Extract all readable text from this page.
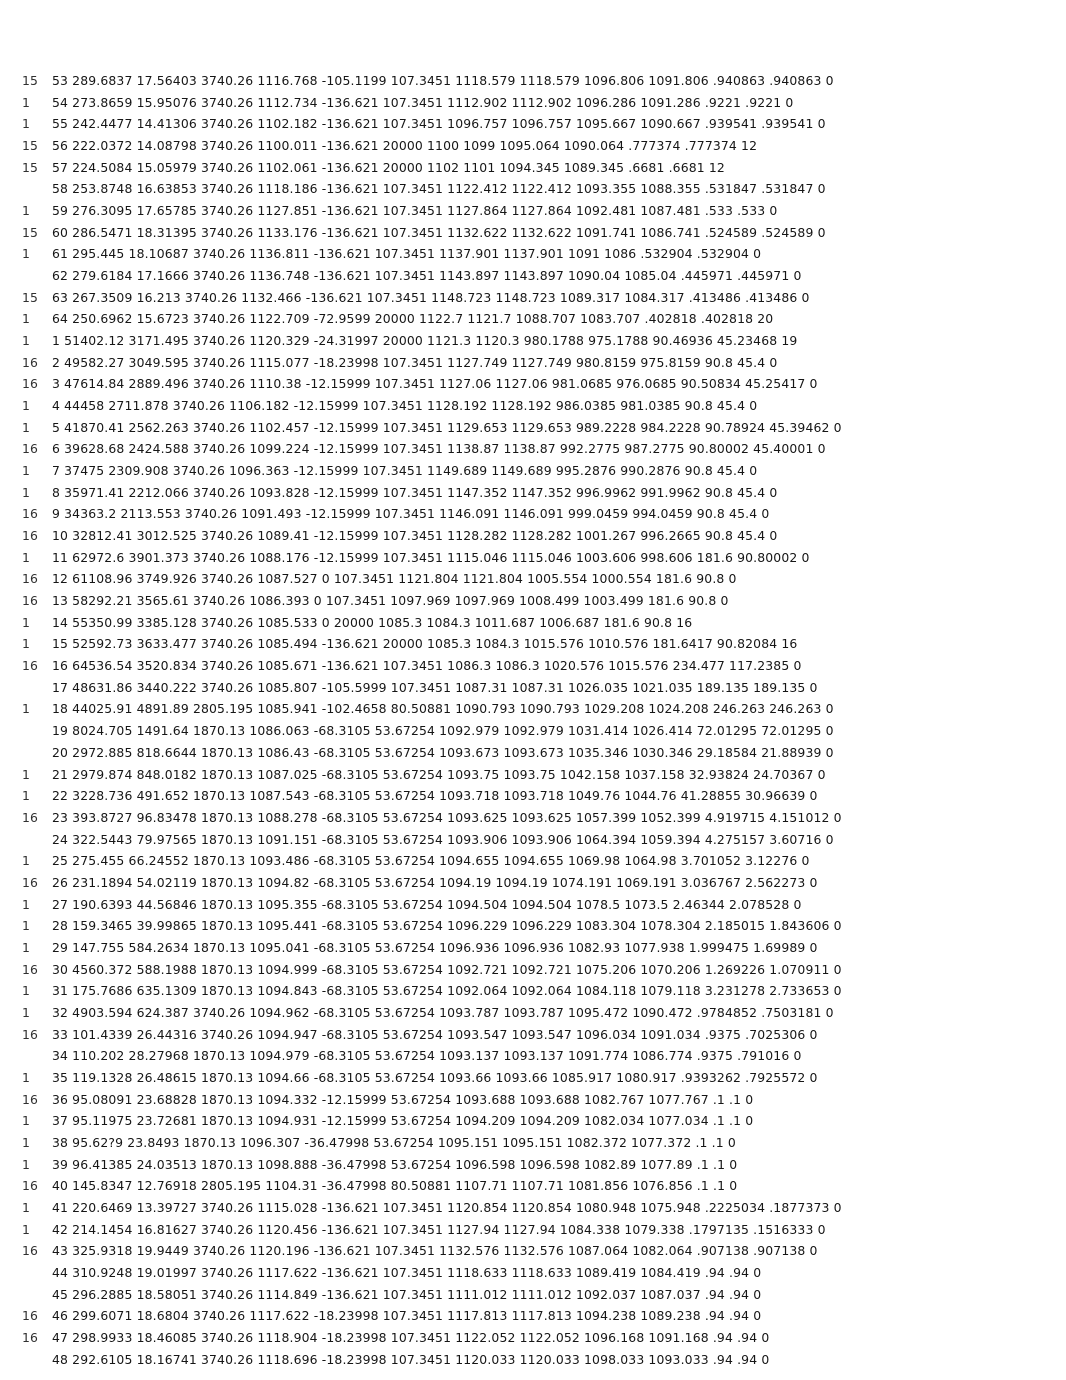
15 53 289.6837 17.56403 3740.26 1116.768 -105.1199 107.3451 1118.579 1118.579 1096.806 1091.806 .940863 .940863 0
1 54 273.8659 15.95076 3740.26 1112.734 -136.621 107.3451 1112.902 1112.902 1096.286 1091.286 .9221 .9221 0
1 55 242.4477 14.41306 3740.26 1102.182 -136.621 107.3451 1096.757 1096.757 1095.667 1090.667 .939541 .939541 0
15 56 222.0372 14.08798 3740.26 1100.011 -136.621 20000 1100 1099 1095.064 1090.064 .777374 .777374 12
15 57 224.5084 15.05979 3740.26 1102.061 -136.621 20000 1102 1101 1094.345 1089.345 .6681 .6681 12
58 253.8748 16.63853 3740.26 1118.186 -136.621 107.3451 1122.412 1122.412 1093.355 1088.355 .531847 .531847 0
1 59 276.3095 17.65785 3740.26 1127.851 -136.621 107.3451 1127.864 1127.864 1092.481 1087.481 .533 .533 0
15 60 286.5471 18.31395 3740.26 1133.176 -136.621 107.3451 1132.622 1132.622 1091.741 1086.741 .524589 .524589 0
1 61 295.445 18.10687 3740.26 1136.811 -136.621 107.3451 1137.901 1137.901 1091 1086 .532904 .532904 0
62 279.6184 17.1666 3740.26 1136.748 -136.621 107.3451 1143.897 1143.897 1090.04 1085.04 .445971 .445971 0
15 63 267.3509 16.213 3740.26 1132.466 -136.621 107.3451 1148.723 1148.723 1089.317 1084.317 .413486 .413486 0
1 64 250.6962 15.6723 3740.26 1122.709 -72.9599 20000 1122.7 1121.7 1088.707 1083.707 .402818 .402818 20
1 1 51402.12 3171.495 3740.26 1120.329 -24.31997 20000 1121.3 1120.3 980.1788 975.1788 90.46936 45.23468 19
16 2 49582.27 3049.595 3740.26 1115.077 -18.23998 107.3451 1127.749 1127.749 980.8159 975.8159 90.8 45.4 0
16 3 47614.84 2889.496 3740.26 1110.38 -12.15999 107.3451 1127.06 1127.06 981.0685 976.0685 90.50834 45.25417 0
1 4 44458 2711.878 3740.26 1106.182 -12.15999 107.3451 1128.192 1128.192 986.0385 981.0385 90.8 45.4 0
1 5 41870.41 2562.263 3740.26 1102.457 -12.15999 107.3451 1129.653 1129.653 989.2228 984.2228 90.78924 45.39462 0
16 6 39628.68 2424.588 3740.26 1099.224 -12.15999 107.3451 1138.87 1138.87 992.2775 987.2775 90.80002 45.40001 0
1 7 37475 2309.908 3740.26 1096.363 -12.15999 107.3451 1149.689 1149.689 995.2876 990.2876 90.8 45.4 0
1 8 35971.41 2212.066 3740.26 1093.828 -12.15999 107.3451 1147.352 1147.352 996.9962 991.9962 90.8 45.4 0
16 9 34363.2 2113.553 3740.26 1091.493 -12.15999 107.3451 1146.091 1146.091 999.0459 994.0459 90.8 45.4 0
16 10 32812.41 3012.525 3740.26 1089.41 -12.15999 107.3451 1128.282 1128.282 1001.267 996.2665 90.8 45.4 0
1 11 62972.6 3901.373 3740.26 1088.176 -12.15999 107.3451 1115.046 1115.046 1003.606 998.606 181.6 90.80002 0
16 12 61108.96 3749.926 3740.26 1087.527 0 107.3451 1121.804 1121.804 1005.554 1000.554 181.6 90.8 0
16 13 58292.21 3565.61 3740.26 1086.393 0 107.3451 1097.969 1097.969 1008.499 1003.499 181.6 90.8 0
1 14 55350.99 3385.128 3740.26 1085.533 0 20000 1085.3 1084.3 1011.687 1006.687 181.6 90.8 16
1 15 52592.73 3633.477 3740.26 1085.494 -136.621 20000 1085.3 1084.3 1015.576 1010.576 181.6417 90.82084 16
16 16 64536.54 3520.834 3740.26 1085.671 -136.621 107.3451 1086.3 1086.3 1020.576 1015.576 234.477 117.2385 0
17 48631.86 3440.222 3740.26 1085.807 -105.5999 107.3451 1087.31 1087.31 1026.035 1021.035 189.135 189.135 0
1 18 44025.91 4891.89 2805.195 1085.941 -102.4658 80.50881 1090.793 1090.793 1029.208 1024.208 246.263 246.263 0
19 8024.705 1491.64 1870.13 1086.063 -68.3105 53.67254 1092.979 1092.979 1031.414 1026.414 72.01295 72.01295 0
20 2972.885 818.6644 1870.13 1086.43 -68.3105 53.67254 1093.673 1093.673 1035.346 1030.346 29.18584 21.88939 0
1 21 2979.874 848.0182 1870.13 1087.025 -68.3105 53.67254 1093.75 1093.75 1042.158 1037.158 32.93824 24.70367 0
1 22 3228.736 491.652 1870.13 1087.543 -68.3105 53.67254 1093.718 1093.718 1049.76 1044.76 41.28855 30.96639 0
16 23 393.8727 96.83478 1870.13 1088.278 -68.3105 53.67254 1093.625 1093.625 1057.399 1052.399 4.919715 4.151012 0
24 322.5443 79.97565 1870.13 1091.151 -68.3105 53.67254 1093.906 1093.906 1064.394 1059.394 4.275157 3.60716 0
1 25 275.455 66.24552 1870.13 1093.486 -68.3105 53.67254 1094.655 1094.655 1069.98 1064.98 3.701052 3.12276 0
16 26 231.1894 54.02119 1870.13 1094.82 -68.3105 53.67254 1094.19 1094.19 1074.191 1069.191 3.036767 2.562273 0
1 27 190.6393 44.56846 1870.13 1095.355 -68.3105 53.67254 1094.504 1094.504 1078.5 1073.5 2.46344 2.078528 0
1 28 159.3465 39.99865 1870.13 1095.441 -68.3105 53.67254 1096.229 1096.229 1083.304 1078.304 2.185015 1.843606 0
1 29 147.755 584.2634 1870.13 1095.041 -68.3105 53.67254 1096.936 1096.936 1082.93 1077.938 1.999475 1.69989 0
16 30 4560.372 588.1988 1870.13 1094.999 -68.3105 53.67254 1092.721 1092.721 1075.206 1070.206 1.269226 1.070911 0
1 31 175.7686 635.1309 1870.13 1094.843 -68.3105 53.67254 1092.064 1092.064 1084.118 1079.118 3.231278 2.733653 0
1 32 4903.594 624.387 3740.26 1094.962 -68.3105 53.67254 1093.787 1093.787 1095.472 1090.472 .9784852 .7503181 0
16 33 101.4339 26.44316 3740.26 1094.947 -68.3105 53.67254 1093.547 1093.547 1096.034 1091.034 .9375 .7025306 0
34 110.202 28.27968 1870.13 1094.979 -68.3105 53.67254 1093.137 1093.137 1091.774 1086.774 .9375 .791016 0
1 35 119.1328 26.48615 1870.13 1094.66 -68.3105 53.67254 1093.66 1093.66 1085.917 1080.917 .9393262 .7925572 0
16 36 95.08091 23.68828 1870.13 1094.332 -12.15999 53.67254 1093.688 1093.688 1082.767 1077.767 .1 .1 0
1 37 95.11975 23.72681 1870.13 1094.931 -12.15999 53.67254 1094.209 1094.209 1082.034 1077.034 .1 .1 0
1 38 95.62?9 23.8493 1870.13 1096.307 -36.47998 53.67254 1095.151 1095.151 1082.372 1077.372 .1 .1 0
1 39 96.41385 24.03513 1870.13 1098.888 -36.47998 53.67254 1096.598 1096.598 1082.89 1077.89 .1 .1 0
16 40 145.8347 12.76918 2805.195 1104.31 -36.47998 80.50881 1107.71 1107.71 1081.856 1076.856 .1 .1 0
1 41 220.6469 13.39727 3740.26 1115.028 -136.621 107.3451 1120.854 1120.854 1080.948 1075.948 .2225034 .1877373 0
1 42 214.1454 16.81627 3740.26 1120.456 -136.621 107.3451 1127.94 1127.94 1084.338 1079.338 .1797135 .1516333 0
16 43 325.9318 19.9449 3740.26 1120.196 -136.621 107.3451 1132.576 1132.576 1087.064 1082.064 .907138 .907138 0
44 310.9248 19.01997 3740.26 1117.622 -136.621 107.3451 1118.633 1118.633 1089.419 1084.419 .94 .94 0
45 296.2885 18.58051 3740.26 1114.849 -136.621 107.3451 1111.012 1111.012 1092.037 1087.037 .94 .94 0
16 46 299.6071 18.6804 3740.26 1117.622 -18.23998 107.3451 1117.813 1117.813 1094.238 1089.238 .94 .94 0
16 47 298.9933 18.46085 3740.26 1118.904 -18.23998 107.3451 1122.052 1122.052 1096.168 1091.168 .94 .94 0
48 292.6105 18.16741 3740.26 1118.696 -18.23998 107.3451 1120.033 1120.033 1098.033 1093.033 .94 .94 0
